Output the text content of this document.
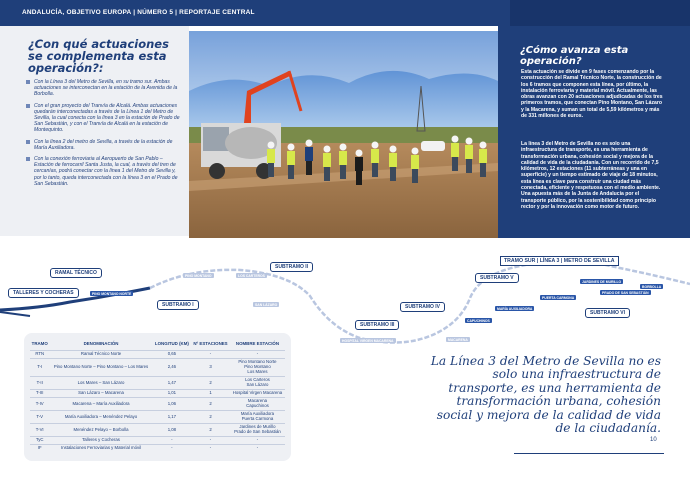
ANDALUCÍA, OBJETIVO EUROPA | NÚMERO 5 | REPORTAJE CENTRAL
¿Con qué actuaciones se complementa esta operación?:
Con la Línea 3 del Metro de Sevilla, en su tramo sur. Ambas actuaciones se interconectan en la estación de la Avenida de la Borbolla.
Con el gran proyecto del Tranvía de Alcalá. Ambas actuaciones quedarán interconectadas a través de la Línea 1 del Metro de Sevilla, la cual conecta con la línea 3 en la estación de Prado de San Sebastián, y con el Tranvía de Alcalá en la estación de Montequinto.
Con la línea 2 del metro de Sevilla, a través de la estación de María Auxiliadora.
Con la conexión ferroviaria al Aeropuerto de San Pablo – Estación de ferrocarril Santa Justa, la cual, a través del tren de cercanías, podrá conectar con la línea 1 del Metro de Sevilla y, por lo tanto, queda interconectada con la línea 3 en el Prado de San Sebastián.
¿Cómo avanza esta operación?
Esta actuación se divide en 9 fases comenzando por la construcción del Ramal Técnico Norte, la construcción de los 6 tramos que componen esta línea, por último, la instalación ferroviaria y material móvil. Actualmente, las obras avanzan con 20 actuaciones adjudicadas de los tres primeros tramos, que conectan Pino Montano, San Lázaro y la Macarena, y suman un total de 5,59 kilómetros y más de 331 millones de euros.
La línea 3 del Metro de Sevilla no es solo una infraestructura de transporte, es una herramienta de transformación urbana, cohesión social y mejora de la calidad de vida de la ciudadanía. Con un recorrido de 7,5 kilómetros, 12 estaciones (11 subterráneas y una en superficie) y un tiempo estimado de viaje de 18 minutos, esta línea es clave para construir una ciudad más conectada, eficiente y respetuosa con el medio ambiente. Una apuesta más de la Junta de Andalucía por el transporte público, por la sostenibilidad como principio rector y por la innovación como motor de futuro.
RAMAL TÉCNICO
TALLERES Y COCHERAS
SUBTRAMO I
SUBTRAMO II
SUBTRAMO III
SUBTRAMO IV
SUBTRAMO V
SUBTRAMO VI
TRAMO SUR | LÍNEA 3 | METRO DE SEVILLA
PINO MONTANO NORTE
PINO MONTANO	LOS CARTEROS
SAN LÁZARO
HOSPITAL VIRGEN MACARENA	MACARENA
CAPUCHINOS
MARÍA AUXILIADORA
PUERTA CARMONA
JARDINES DE MURILLO
PRADO DE SAN SEBASTIÁN
BORBOLLA
TRAMO	DENOMINACIÓN	LONGITUD (KM)	Nº ESTACIONES	NOMBRE ESTACIÓN
RTN	Ramal Técnico Norte	0,65	-	-
T-I	Pino Montano Norte – Pino Montano – Los Mares	2,46	3	Pino Montano Norte
Pino Montano
Los Mares
T-II	Los Mares – San Lázaro	1,47	2	Los Carteros
San Lázaro
T-III	San Lázaro – Macarena	1,01	1	Hospital Virgen Macarena
T-IV	Macarena – María Auxiliadora	1,06	2	Macarena
Capuchinos
T-V	María Auxiliadora – Menéndez Pelayo	1,17	2	María Auxiliadora
Puerta Carmona
T-VI	Menéndez Pelayo – Borbolla	1,08	2	Jardines de Murillo
Prado de San Sebastián
TyC	Talleres y Cocheras	-	-	-
IF	Instalaciones Ferroviarias y Material móvil	-	-	-
La Línea 3 del Metro de Sevilla no es solo una infraestructura de transporte, es una herramienta de transformación urbana, cohesión social y mejora de la calidad de vida de la ciudadanía.
10
